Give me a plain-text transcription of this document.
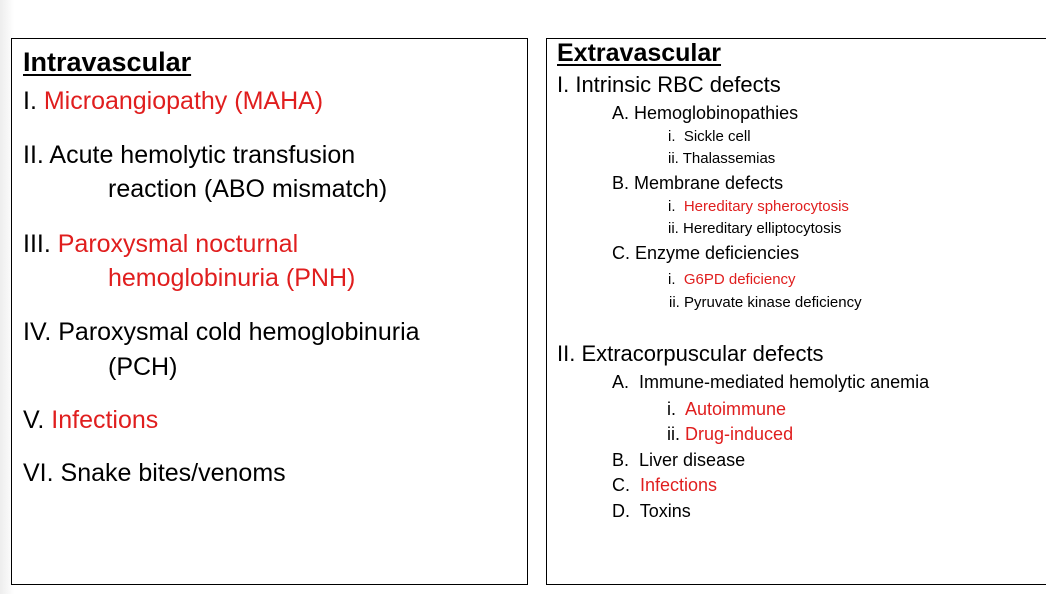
Intravascular
I. Microangiopathy (MAHA)
II. Acute hemolytic transfusion
reaction (ABO mismatch)
III. Paroxysmal nocturnal
hemoglobinuria (PNH)
IV. Paroxysmal cold hemoglobinuria
(PCH)
V. Infections
VI. Snake bites/venoms
Extravascular
I. Intrinsic RBC defects
A. Hemoglobinopathies
i. Sickle cell
ii. Thalassemias
B. Membrane defects
i. Hereditary spherocytosis
ii. Hereditary elliptocytosis
C. Enzyme deficiencies
i. G6PD deficiency
ii. Pyruvate kinase deficiency
II. Extracorpuscular defects
A. Immune-mediated hemolytic anemia
i. Autoimmune
ii. Drug-induced
B. Liver disease
C. Infections
D. Toxins
